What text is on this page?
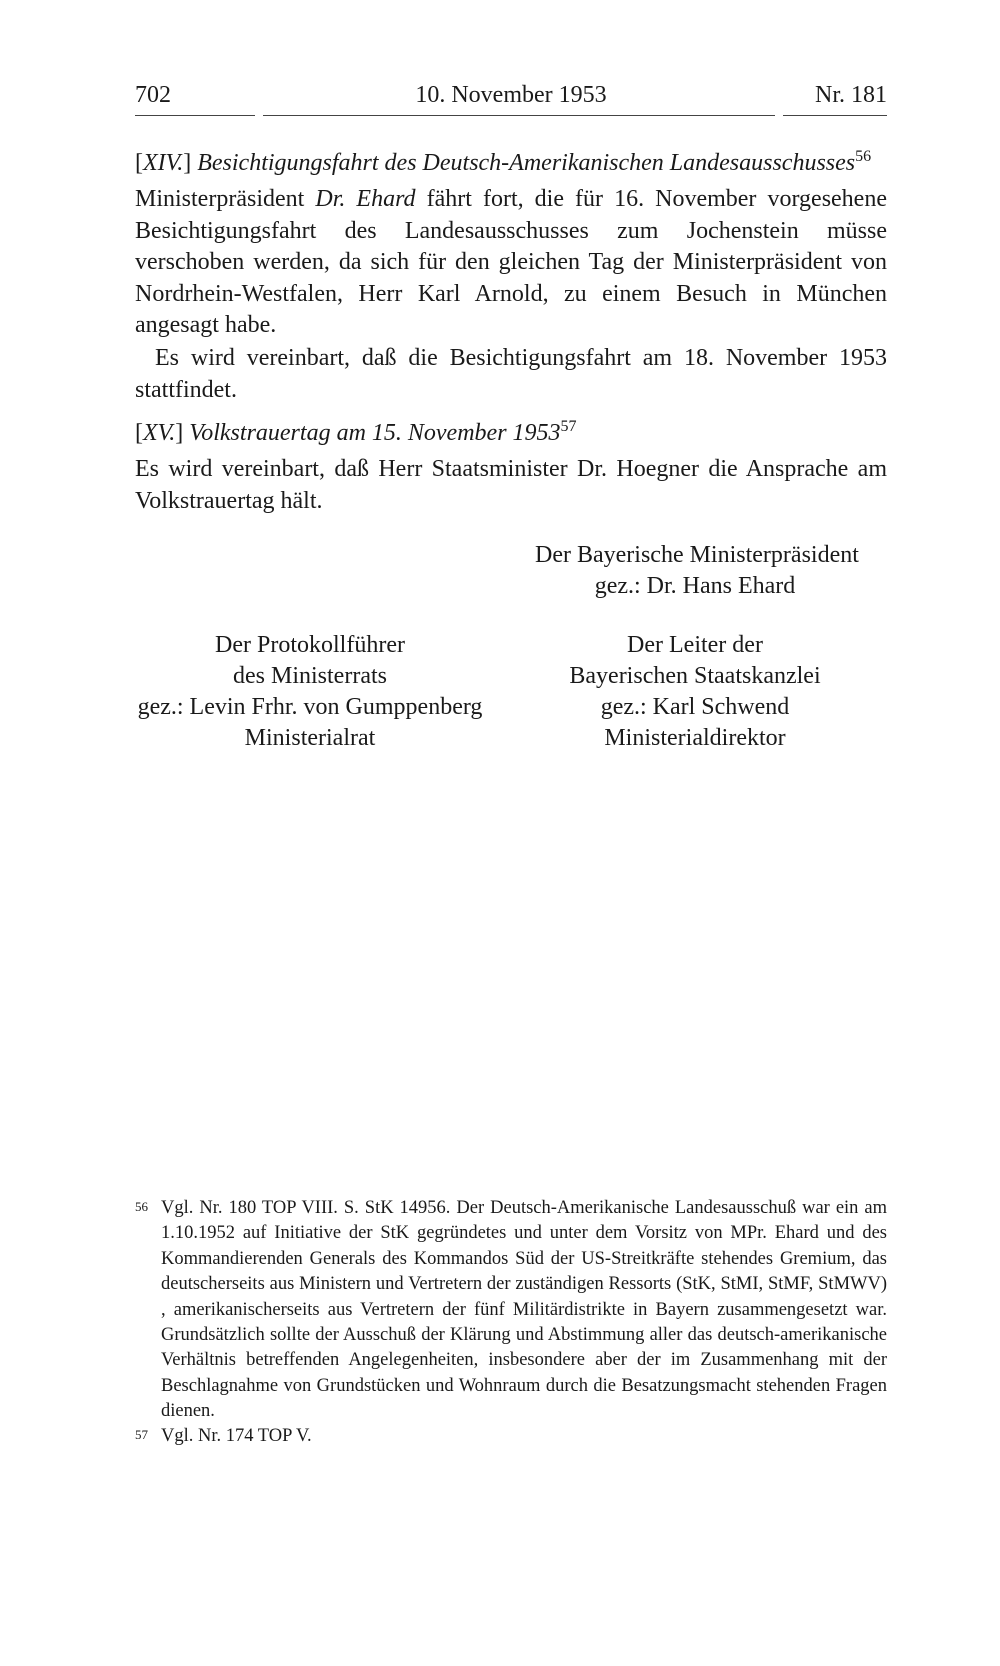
702	10. November 1953	Nr. 181
[XIV.] Besichtigungsfahrt des Deutsch-Amerikanischen Landesausschusses$^{56}$
Ministerpräsident Dr. Ehard fährt fort, die für 16. November vorgesehene Besichtigungsfahrt des Landesausschusses zum Jochenstein müsse verschoben werden, da sich für den gleichen Tag der Ministerpräsident von Nordrhein-Westfalen, Herr Karl Arnold, zu einem Besuch in München angesagt habe.
Es wird vereinbart, daß die Besichtigungsfahrt am 18. November 1953 stattfindet.
[XV.] Volkstrauertag am 15. November 1953$^{57}$
Es wird vereinbart, daß Herr Staatsminister Dr. Hoegner die Ansprache am Volkstrauertag hält.
Der Bayerische Ministerpräsident
gez.: Dr. Hans Ehard
Der Protokollführer
des Ministerrats
gez.: Levin Frhr. von Gumppenberg
Ministerialrat
Der Leiter der
Bayerischen Staatskanzlei
gez.: Karl Schwend
Ministerialdirektor
56 Vgl. Nr. 180 TOP VIII. S. StK 14956. Der Deutsch-Amerikanische Landesausschuß war ein am 1.10.1952 auf Initiative der StK gegründetes und unter dem Vorsitz von MPr. Ehard und des Kommandierenden Generals des Kommandos Süd der US-Streitkräfte stehendes Gremium, das deutscherseits aus Ministern und Vertretern der zuständigen Ressorts (StK, StMI, StMF, StMWV) , amerikanischerseits aus Vertretern der fünf Militärdistrikte in Bayern zusammengesetzt war. Grundsätzlich sollte der Ausschuß der Klärung und Abstimmung aller das deutsch-amerikanische Verhältnis betreffenden Angelegenheiten, insbesondere aber der im Zusammenhang mit der Beschlagnahme von Grundstücken und Wohnraum durch die Besatzungsmacht stehenden Fragen dienen.
57 Vgl. Nr. 174 TOP V.
